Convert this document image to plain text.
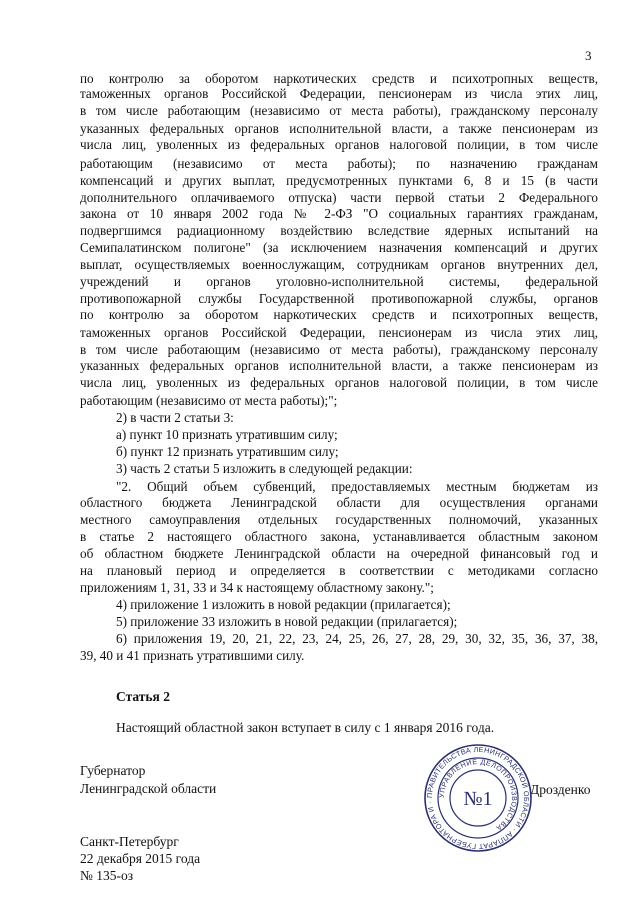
3
по контролю за оборотом наркотических средств и психотропных веществ,
таможенных органов Российской Федерации, пенсионерам из числа этих лиц,
в том числе работающим (независимо от места работы), гражданскому персоналу
указанных федеральных органов исполнительной власти, а также пенсионерам из
числа лиц, уволенных из федеральных органов налоговой полиции, в том числе
работающим (независимо от места работы); по назначению гражданам
компенсаций и других выплат, предусмотренных пунктами 6, 8 и 15 (в части
дополнительного оплачиваемого отпуска) части первой статьи 2 Федерального
закона от 10 января 2002 года № 2-ФЗ "О социальных гарантиях гражданам,
подвергшимся радиационному воздействию вследствие ядерных испытаний на
Семипалатинском полигоне" (за исключением назначения компенсаций и других
выплат, осуществляемых военнослужащим, сотрудникам органов внутренних дел,
учреждений и органов уголовно-исполнительной системы, федеральной
противопожарной службы Государственной противопожарной службы, органов
по контролю за оборотом наркотических средств и психотропных веществ,
таможенных органов Российской Федерации, пенсионерам из числа этих лиц,
в том числе работающим (независимо от места работы), гражданскому персоналу
указанных федеральных органов исполнительной власти, а также пенсионерам из
числа лиц, уволенных из федеральных органов налоговой полиции, в том числе
работающим (независимо от места работы);";
2) в части 2 статьи 3:
а) пункт 10 признать утратившим силу;
б) пункт 12 признать утратившим силу;
3) часть 2 статьи 5 изложить в следующей редакции:
"2. Общий объем субвенций, предоставляемых местным бюджетам из
областного бюджета Ленинградской области для осуществления органами
местного самоуправления отдельных государственных полномочий, указанных
в статье 2 настоящего областного закона, устанавливается областным законом
об областном бюджете Ленинградской области на очередной финансовый год и
на плановый период и определяется в соответствии с методиками согласно
приложениям 1, 31, 33 и 34 к настоящему областному закону.";
4) приложение 1 изложить в новой редакции (прилагается);
5) приложение 33 изложить в новой редакции (прилагается);
6) приложения 19, 20, 21, 22, 23, 24, 25, 26, 27, 28, 29, 30, 32, 35, 36, 37, 38,
39, 40 и 41 признать утратившими силу.
Статья 2
Настоящий областной закон вступает в силу с 1 января 2016 года.
Губернатор
Ленинградской области	Дрозденко
ПРАВИТЕЛЬСТВА ЛЕНИНГРАДСКОЙ ОБЛАСТИ · АППАРАТ ГУБЕРНАТОРА И ·
УПРАВЛЕНИЕ ДЕЛОПРОИЗВОДСТВА
№1
Санкт-Петербург
22 декабря 2015 года
№ 135-оз
